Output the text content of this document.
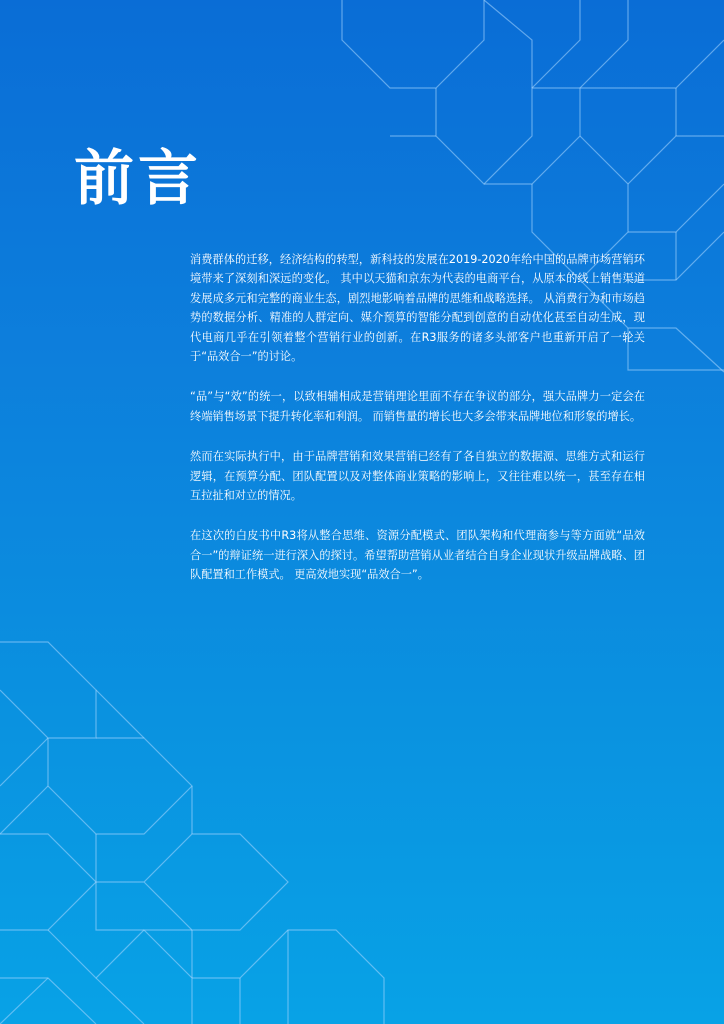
前言

消费群体的迁移，经济结构的转型，新科技的发展在2019-2020年给中国的品牌市场营销环境带来了深刻和深远的变化。 其中以天猫和京东为代表的电商平台，从原本的线上销售渠道发展成多元和完整的商业生态，剧烈地影响着品牌的思维和战略选择。 从消费行为和市场趋势的数据分析、精准的人群定向、媒介预算的智能分配到创意的自动优化甚至自动生成，现代电商几乎在引领着整个营销行业的创新。在R3服务的诸多头部客户也重新开启了一轮关于“品效合一”的讨论。

“品”与“效”的统一，以致相辅相成是营销理论里面不存在争议的部分，强大品牌力一定会在终端销售场景下提升转化率和利润。 而销售量的增长也大多会带来品牌地位和形象的增长。

然而在实际执行中，由于品牌营销和效果营销已经有了各自独立的数据源、思维方式和运行逻辑，在预算分配、团队配置以及对整体商业策略的影响上，又往往难以统一，甚至存在相互拉扯和对立的情况。

在这次的白皮书中R3将从整合思维、资源分配模式、团队架构和代理商参与等方面就“品效合一”的辩证统一进行深入的探讨。希望帮助营销从业者结合自身企业现状升级品牌战略、团队配置和工作模式。 更高效地实现“品效合一”。
